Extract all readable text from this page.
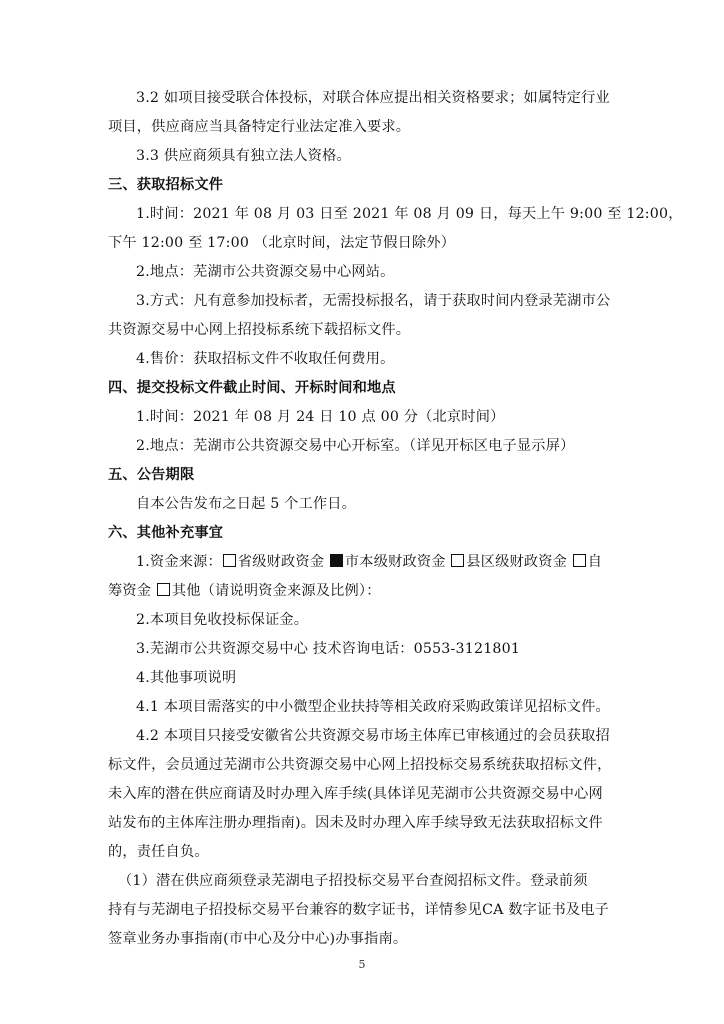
3.2 如项目接受联合体投标，对联合体应提出相关资格要求；如属特定行业

项目，供应商应当具备特定行业法定准入要求。

3.3 供应商须具有独立法人资格。

三、获取招标文件

1.时间：2021 年 08 月 03 日至 2021 年 08 月 09 日，每天上午 9:00 至 12:00，

下午 12:00 至 17:00 （北京时间，法定节假日除外）

2.地点：芜湖市公共资源交易中心网站。

3.方式：凡有意参加投标者，无需投标报名，请于获取时间内登录芜湖市公

共资源交易中心网上招投标系统下载招标文件。

4.售价：获取招标文件不收取任何费用。

四、提交投标文件截止时间、开标时间和地点

1.时间：2021 年 08 月 24 日 10 点 00 分（北京时间）

2.地点：芜湖市公共资源交易中心开标室。（详见开标区电子显示屏）

五、公告期限

自本公告发布之日起 5 个工作日。

六、其他补充事宜

1.资金来源： 省级财政资金 市本级财政资金 县区级财政资金 自

筹资金 其他（请说明资金来源及比例）：

2.本项目免收投标保证金。

3.芜湖市公共资源交易中心 技术咨询电话：0553-3121801

4.其他事项说明

4.1 本项目需落实的中小微型企业扶持等相关政府采购政策详见招标文件。

4.2 本项目只接受安徽省公共资源交易市场主体库已审核通过的会员获取招

标文件，会员通过芜湖市公共资源交易中心网上招投标交易系统获取招标文件，

未入库的潜在供应商请及时办理入库手续(具体详见芜湖市公共资源交易中心网

站发布的主体库注册办理指南)。因未及时办理入库手续导致无法获取招标文件

的，责任自负。

（1）潜在供应商须登录芜湖电子招投标交易平台查阅招标文件。登录前须

持有与芜湖电子招投标交易平台兼容的数字证书，详情参见CA 数字证书及电子

签章业务办事指南(市中心及分中心)办事指南。

5
